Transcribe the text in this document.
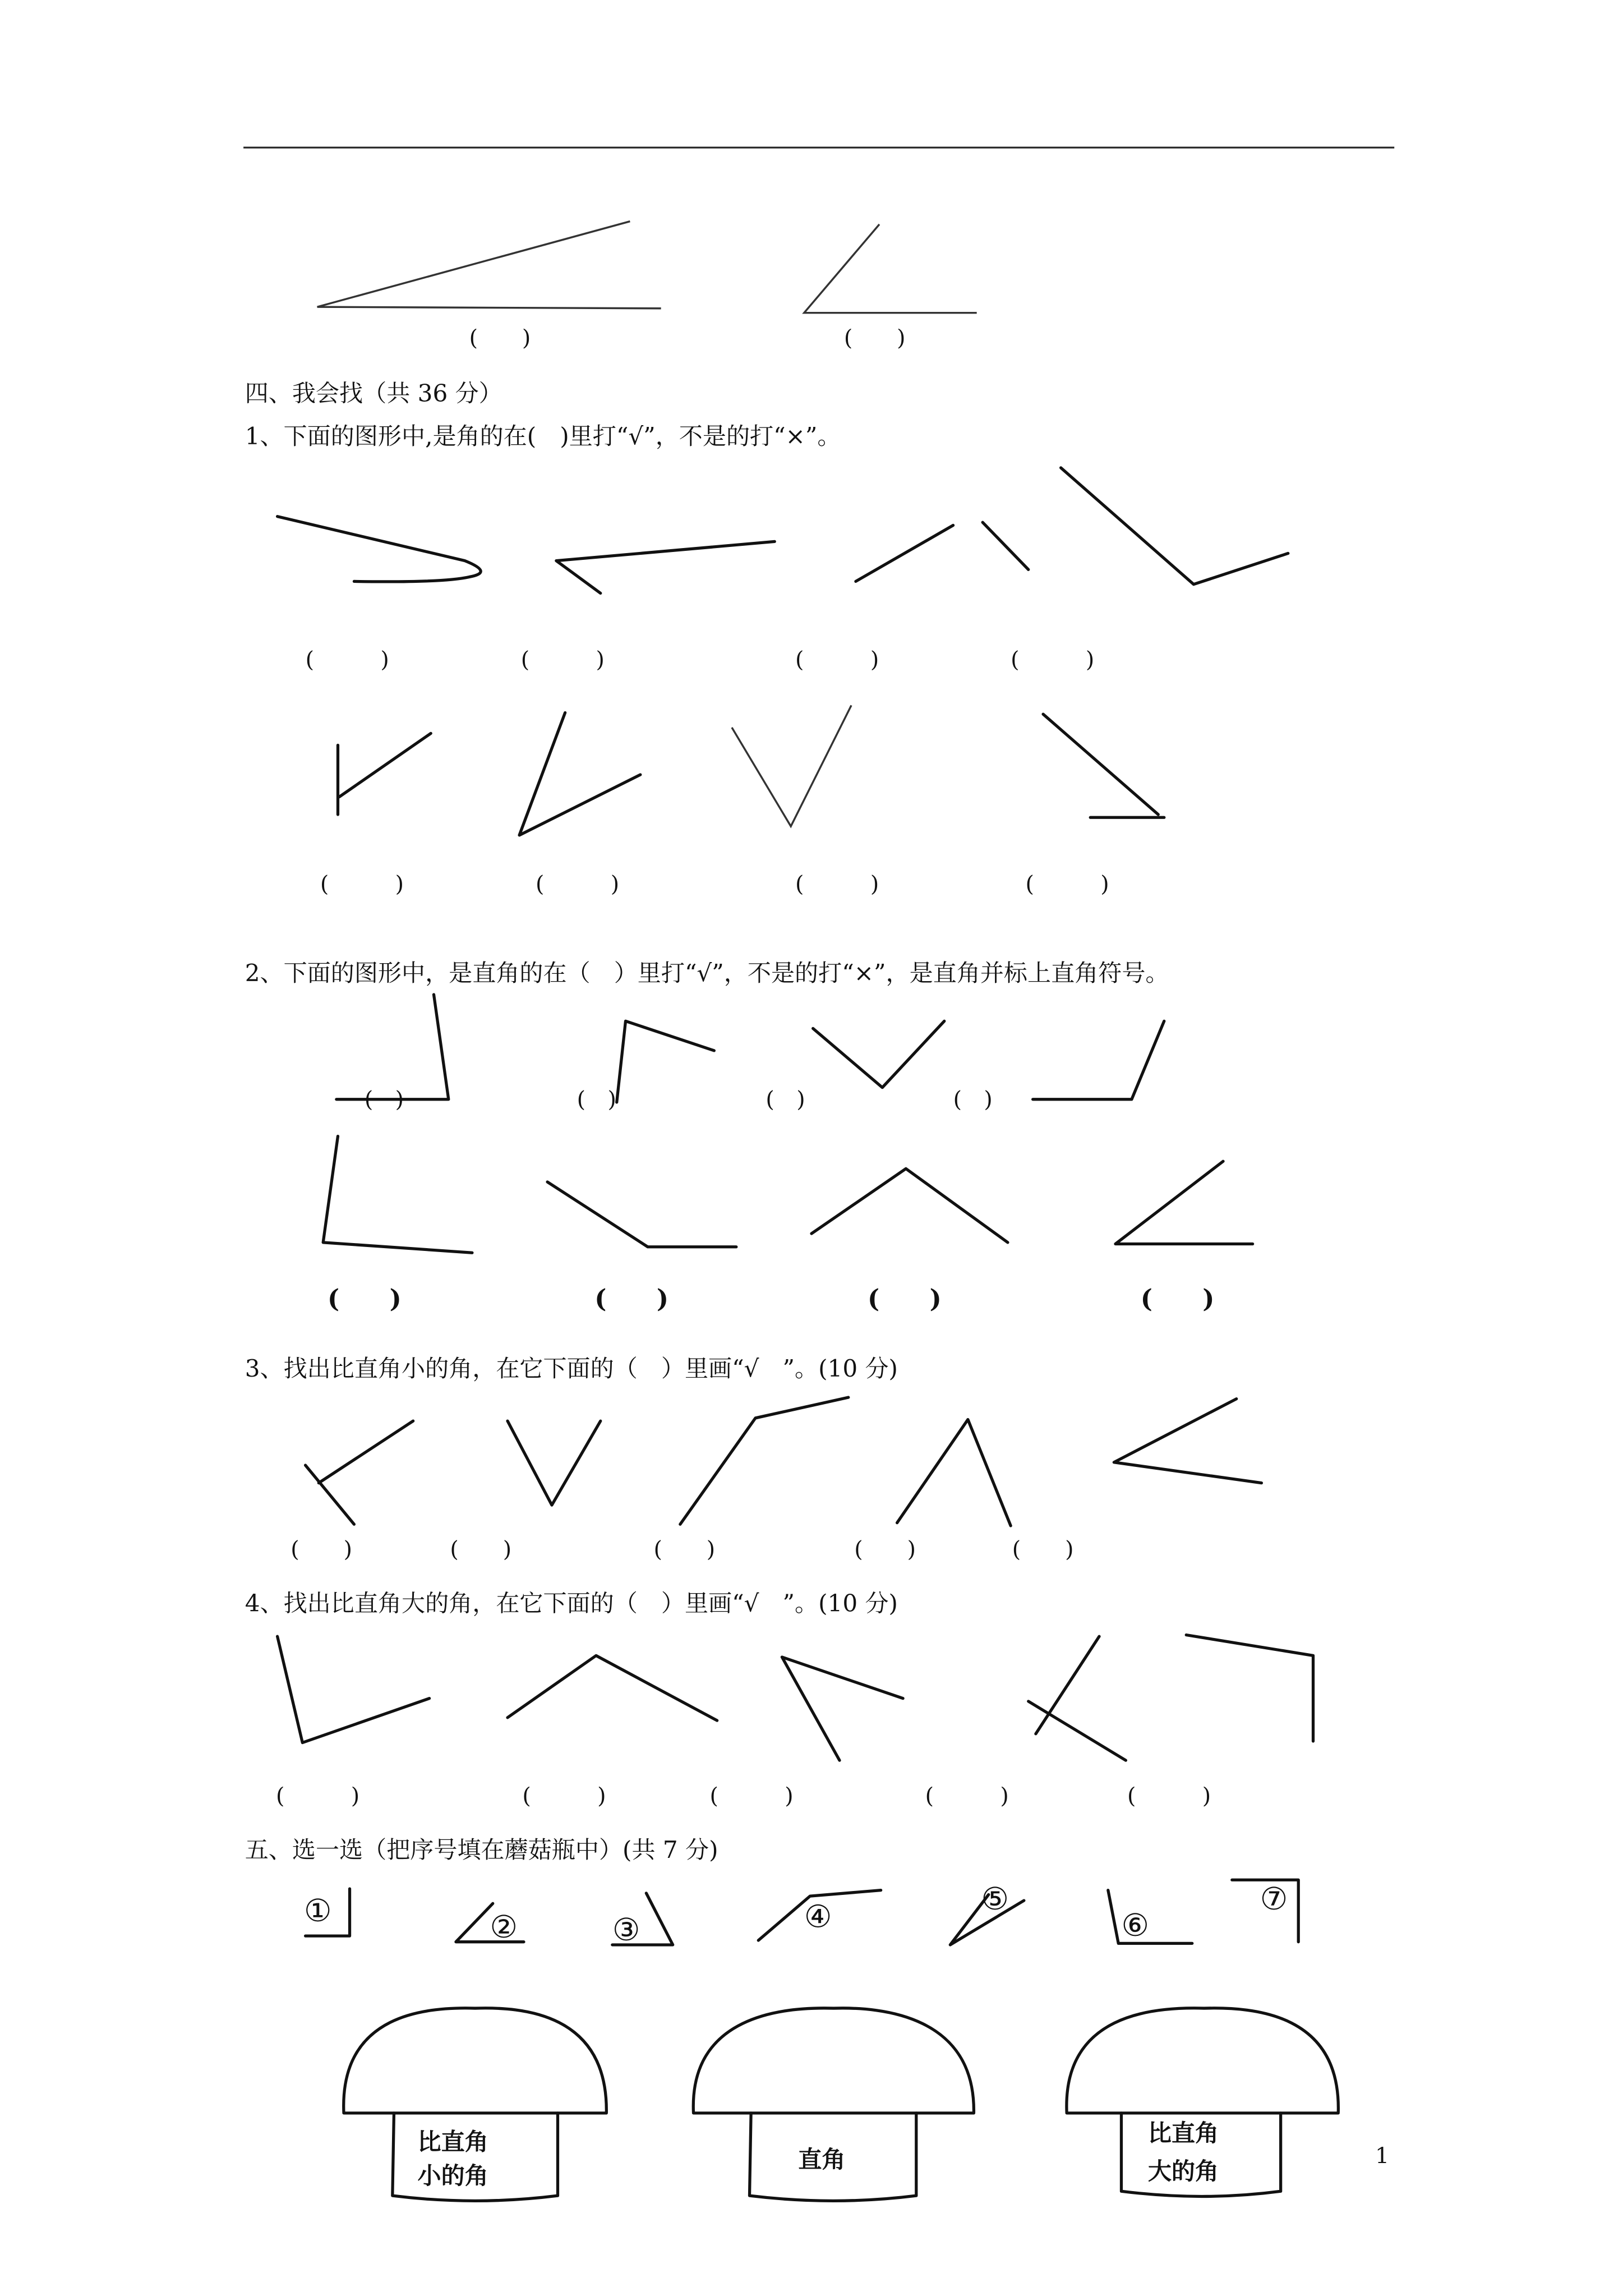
(　　)	(　　)
四、我会找（共 36 分）
1、下面的图形中,是角的在(　)里打“√”，不是的打“×”。
(　　　)	(　　　)	(　　　)	(　　　)
(　　　)	(　　　)	(　　　)	(　　　)
2、下面的图形中，是直角的在（　）里打“√”，不是的打“×”，是直角并标上直角符号。
(　)	(　)	(　)	(　)
(　　)	(　　)	(　　)	(　　)
3、找出比直角小的角，在它下面的（　）里画“√　”。(10 分)
(　　)	(　　)	(　　)	(　　)	(　　)
4、找出比直角大的角，在它下面的（　）里画“√　”。(10 分)
(　　　)	(　　　)	(　　　)	(　　　)	(　　　)
五、选一选（把序号填在蘑菇瓶中）(共 7 分)
①	②	③	④	⑤
⑥
⑦
比直角
小的角
直角
比直角
大的角
1
